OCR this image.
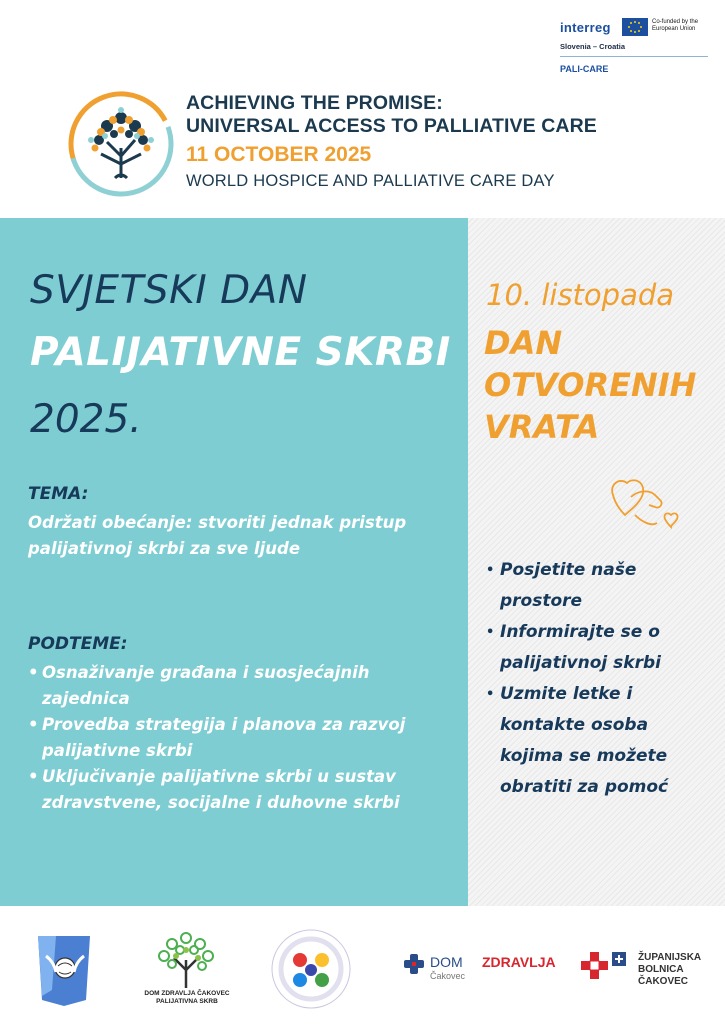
interreg	Co-funded by the European Union
Slovenia – Croatia
PALI-CARE
ACHIEVING THE PROMISE:
UNIVERSAL ACCESS TO PALLIATIVE CARE
11 OCTOBER 2025
WORLD HOSPICE AND PALLIATIVE CARE DAY
SVJETSKI DAN
PALIJATIVNE SKRBI
2025.
TEMA:
Održati obećanje: stvoriti jednak pristup palijativnoj skrbi za sve ljude
PODTEME:
• Osnaživanje građana i suosjećajnih zajednica
• Provedba strategija i planova za razvoj palijativne skrbi
• Uključivanje palijativne skrbi u sustav zdravstvene, socijalne i duhovne skrbi
10. listopada
DAN
OTVORENIH
VRATA
• Posjetite naše prostore
• Informirajte se o palijativnoj skrbi
• Uzmite letke i kontakte osoba kojima se možete obratiti za pomoć
DOM ZDRAVLJA ČAKOVEC
PALIJATIVNA SKRB
DOM ZDRAVLJA
Čakovec
ŽUPANIJSKA
BOLNICA
ČAKOVEC
